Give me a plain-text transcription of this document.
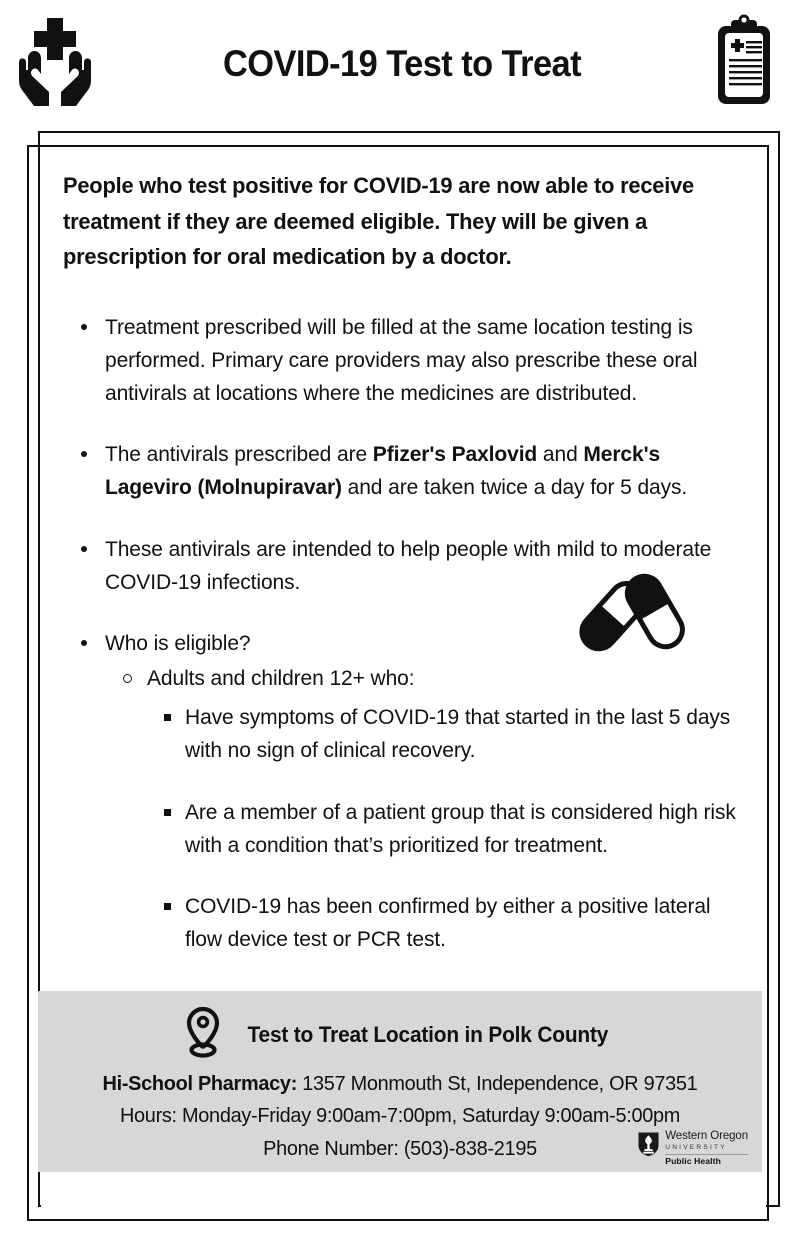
COVID-19 Test to Treat

People who test positive for COVID-19 are now able to receive treatment if they are deemed eligible. They will be given a prescription for oral medication by a doctor.

Treatment prescribed will be filled at the same location testing is performed. Primary care providers may also prescribe these oral antivirals at locations where the medicines are distributed.
The antivirals prescribed are Pfizer's Paxlovid and Merck's Lageviro (Molnupiravar) and are taken twice a day for 5 days.
These antivirals are intended to help people with mild to moderate COVID-19 infections.
Who is eligible?
Adults and children 12+ who:
Have symptoms of COVID-19 that started in the last 5 days with no sign of clinical recovery.
Are a member of a patient group that is considered high risk with a condition that’s prioritized for treatment.
COVID-19 has been confirmed by either a positive lateral flow device test or PCR test.
Test to Treat Location in Polk County
Hi-School Pharmacy: 1357 Monmouth St, Independence, OR 97351
Hours: Monday-Friday 9:00am-7:00pm, Saturday 9:00am-5:00pm
Phone Number: (503)-838-2195
Western Oregon
UNIVERSITY
Public Health
